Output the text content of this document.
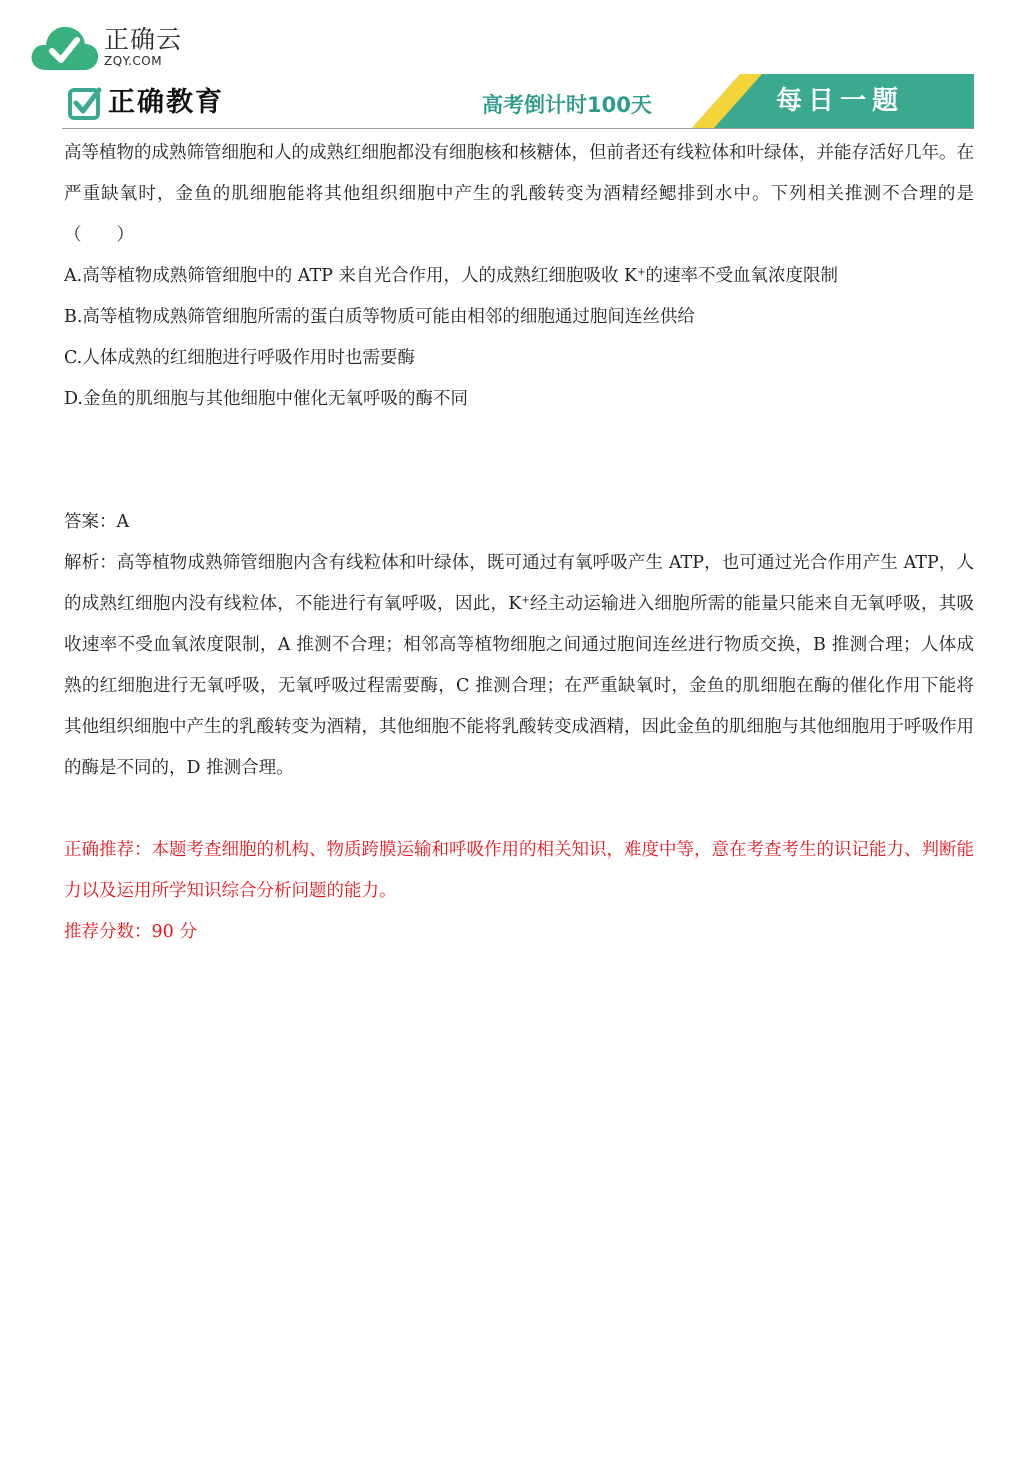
正确云
ZQY.COM
正确教育	高考倒计时100天	每日一题

高等植物的成熟筛管细胞和人的成熟红细胞都没有细胞核和核糖体，但前者还有线粒体和叶绿体，并能存活好几年。在严重缺氧时，金鱼的肌细胞能将其他组织细胞中产生的乳酸转变为酒精经鳃排到水中。下列相关推测不合理的是（　　）

A.高等植物成熟筛管细胞中的 ATP 来自光合作用，人的成熟红细胞吸收 K+的速率不受血氧浓度限制

B.高等植物成熟筛管细胞所需的蛋白质等物质可能由相邻的细胞通过胞间连丝供给

C.人体成熟的红细胞进行呼吸作用时也需要酶

D.金鱼的肌细胞与其他细胞中催化无氧呼吸的酶不同

答案：A

解析：高等植物成熟筛管细胞内含有线粒体和叶绿体，既可通过有氧呼吸产生 ATP，也可通过光合作用产生 ATP，人的成熟红细胞内没有线粒体，不能进行有氧呼吸，因此，K+经主动运输进入细胞所需的能量只能来自无氧呼吸，其吸收速率不受血氧浓度限制，A 推测不合理；相邻高等植物细胞之间通过胞间连丝进行物质交换，B 推测合理；人体成熟的红细胞进行无氧呼吸，无氧呼吸过程需要酶，C 推测合理；在严重缺氧时，金鱼的肌细胞在酶的催化作用下能将其他组织细胞中产生的乳酸转变为酒精，其他细胞不能将乳酸转变成酒精，因此金鱼的肌细胞与其他细胞用于呼吸作用的酶是不同的，D 推测合理。

正确推荐：本题考查细胞的机构、物质跨膜运输和呼吸作用的相关知识，难度中等，意在考查考生的识记能力、判断能力以及运用所学知识综合分析问题的能力。

推荐分数：90 分
